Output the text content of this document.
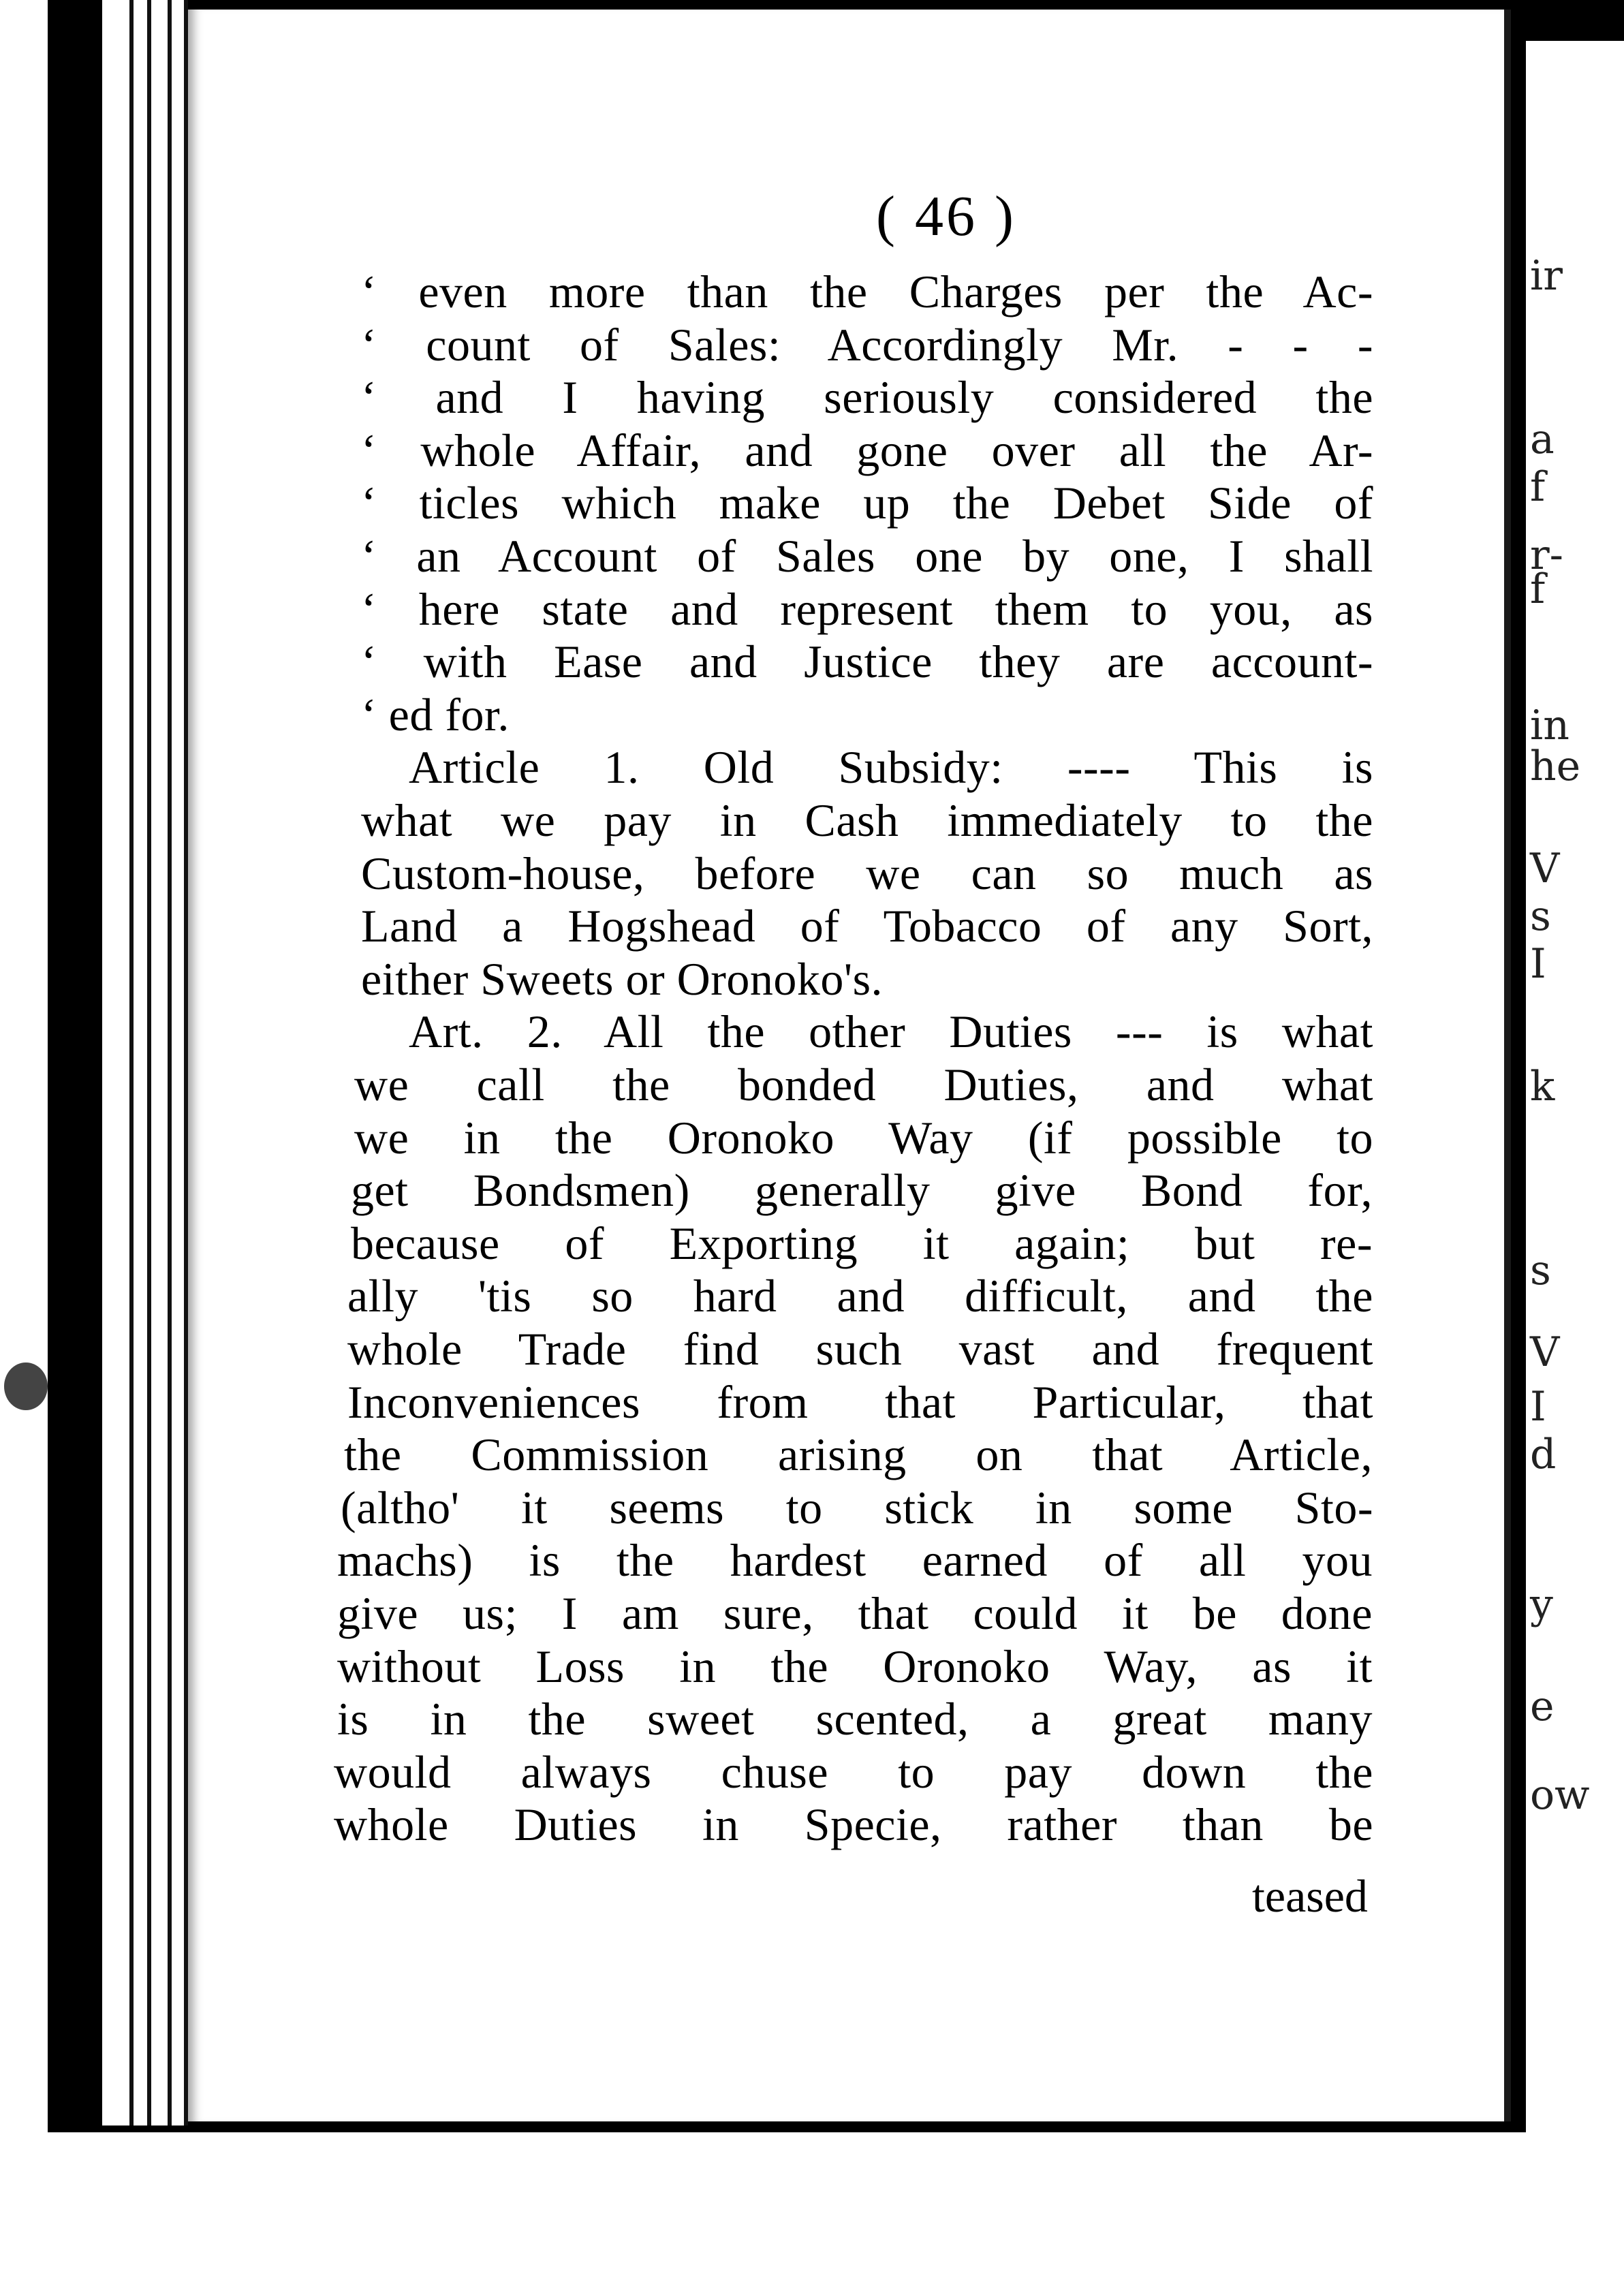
( 46 )
‘ even more than the Charges per the Ac-
‘ count of Sales: Accordingly Mr. - - -
‘ and I having seriously considered the
‘ whole Affair, and gone over all the Ar-
‘ ticles which make up the Debet Side of
‘ an Account of Sales one by one, I shall
‘ here state and represent them to you, as
‘ with Ease and Justice they are account-
‘ ed for.
Article 1. Old Subsidy: ---- This is
what we pay in Cash immediately to the
Custom-house, before we can so much as
Land a Hogshead of Tobacco of any Sort,
either Sweets or Oronoko's.
Art. 2. All the other Duties --- is what
we call the bonded Duties, and what
we in the Oronoko Way (if possible to
get Bondsmen) generally give Bond for,
because of Exporting it again; but re-
ally 'tis so hard and difficult, and the
whole Trade find such vast and frequent
Inconveniences from that Particular, that
the Commission arising on that Article,
(altho' it seems to stick in some Sto-
machs) is the hardest earned of all you
give us; I am sure, that could it be done
without Loss in the Oronoko Way, as it
is in the sweet scented, a great many
would always chuse to pay down the
whole Duties in Specie, rather than be
teased
ir
a
f
r-
f
in
he
V
s
I
k
s
V
I
d
y
e
ow
